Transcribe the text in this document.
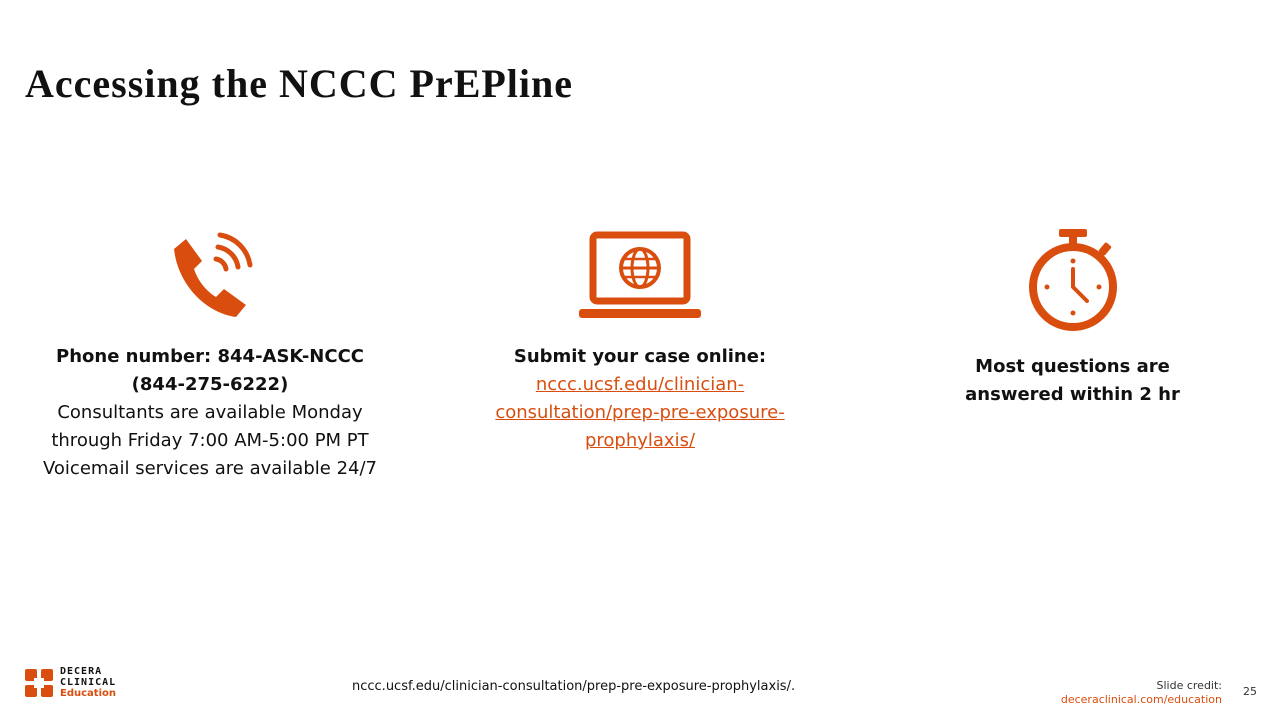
Accessing the NCCC PrEPline
Phone number: 844-ASK-NCCC
(844-275-6222)
Consultants are available Monday
through Friday 7:00 AM-5:00 PM PT
Voicemail services are available 24/7
Submit your case online:
nccc.ucsf.edu/clinician-
consultation/prep-pre-exposure-
prophylaxis/
Most questions are
answered within 2 hr
DECERA
CLINICAL
Education	nccc.ucsf.edu/clinician-consultation/prep-pre-exposure-prophylaxis/.	Slide credit:
deceraclinical.com/education
25
